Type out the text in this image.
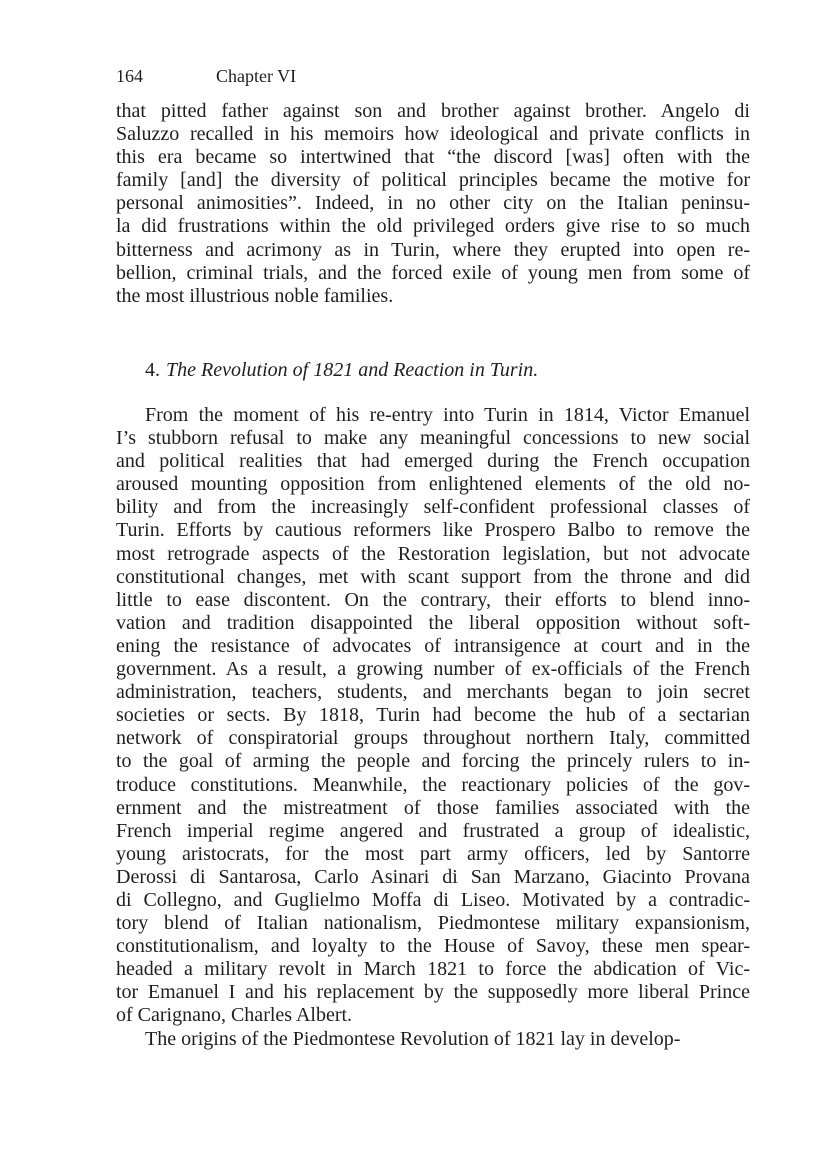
164	Chapter VI
that pitted father against son and brother against brother. Angelo di
Saluzzo recalled in his memoirs how ideological and private conflicts in
this era became so intertwined that “the discord [was] often with the
family [and] the diversity of political principles became the motive for
personal animosities”. Indeed, in no other city on the Italian peninsu-
la did frustrations within the old privileged orders give rise to so much
bitterness and acrimony as in Turin, where they erupted into open re-
bellion, criminal trials, and the forced exile of young men from some of
the most illustrious noble families.
4. The Revolution of 1821 and Reaction in Turin.
From the moment of his re-entry into Turin in 1814, Victor Emanuel
I’s stubborn refusal to make any meaningful concessions to new social
and political realities that had emerged during the French occupation
aroused mounting opposition from enlightened elements of the old no-
bility and from the increasingly self-confident professional classes of
Turin. Efforts by cautious reformers like Prospero Balbo to remove the
most retrograde aspects of the Restoration legislation, but not advocate
constitutional changes, met with scant support from the throne and did
little to ease discontent. On the contrary, their efforts to blend inno-
vation and tradition disappointed the liberal opposition without soft-
ening the resistance of advocates of intransigence at court and in the
government. As a result, a growing number of ex-officials of the French
administration, teachers, students, and merchants began to join secret
societies or sects. By 1818, Turin had become the hub of a sectarian
network of conspiratorial groups throughout northern Italy, committed
to the goal of arming the people and forcing the princely rulers to in-
troduce constitutions. Meanwhile, the reactionary policies of the gov-
ernment and the mistreatment of those families associated with the
French imperial regime angered and frustrated a group of idealistic,
young aristocrats, for the most part army officers, led by Santorre
Derossi di Santarosa, Carlo Asinari di San Marzano, Giacinto Provana
di Collegno, and Guglielmo Moffa di Liseo. Motivated by a contradic-
tory blend of Italian nationalism, Piedmontese military expansionism,
constitutionalism, and loyalty to the House of Savoy, these men spear-
headed a military revolt in March 1821 to force the abdication of Vic-
tor Emanuel I and his replacement by the supposedly more liberal Prince
of Carignano, Charles Albert.
The origins of the Piedmontese Revolution of 1821 lay in develop-
